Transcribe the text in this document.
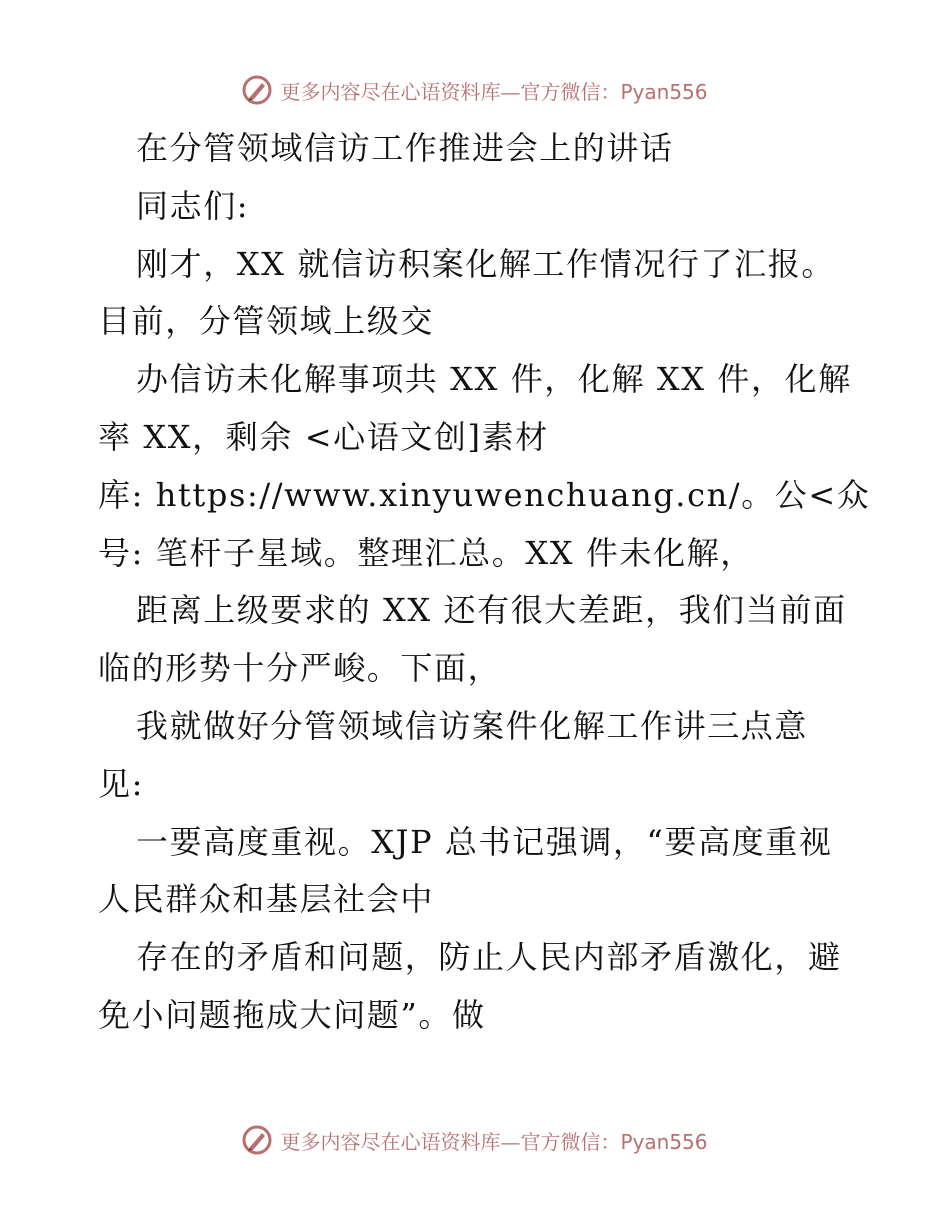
更多内容尽在心语资料库—官方微信：Pyan556
在分管领域信访工作推进会上的讲话
同志们:
刚才，XX 就信访积案化解工作情况行了汇报。
目前，分管领域上级交
办信访未化解事项共 XX 件，化解 XX 件，化解
率 XX，剩余 <心语文创]素材
库: https://www.xinyuwenchuang.cn/。公<众
号: 笔杆子星域。整理汇总。XX 件未化解，
距离上级要求的 XX 还有很大差距，我们当前面
临的形势十分严峻。下面，
我就做好分管领域信访案件化解工作讲三点意
见:
一要高度重视。XJP 总书记强调，“要高度重视
人民群众和基层社会中
存在的矛盾和问题，防止人民内部矛盾激化，避
免小问题拖成大问题”。做
更多内容尽在心语资料库—官方微信：Pyan556
